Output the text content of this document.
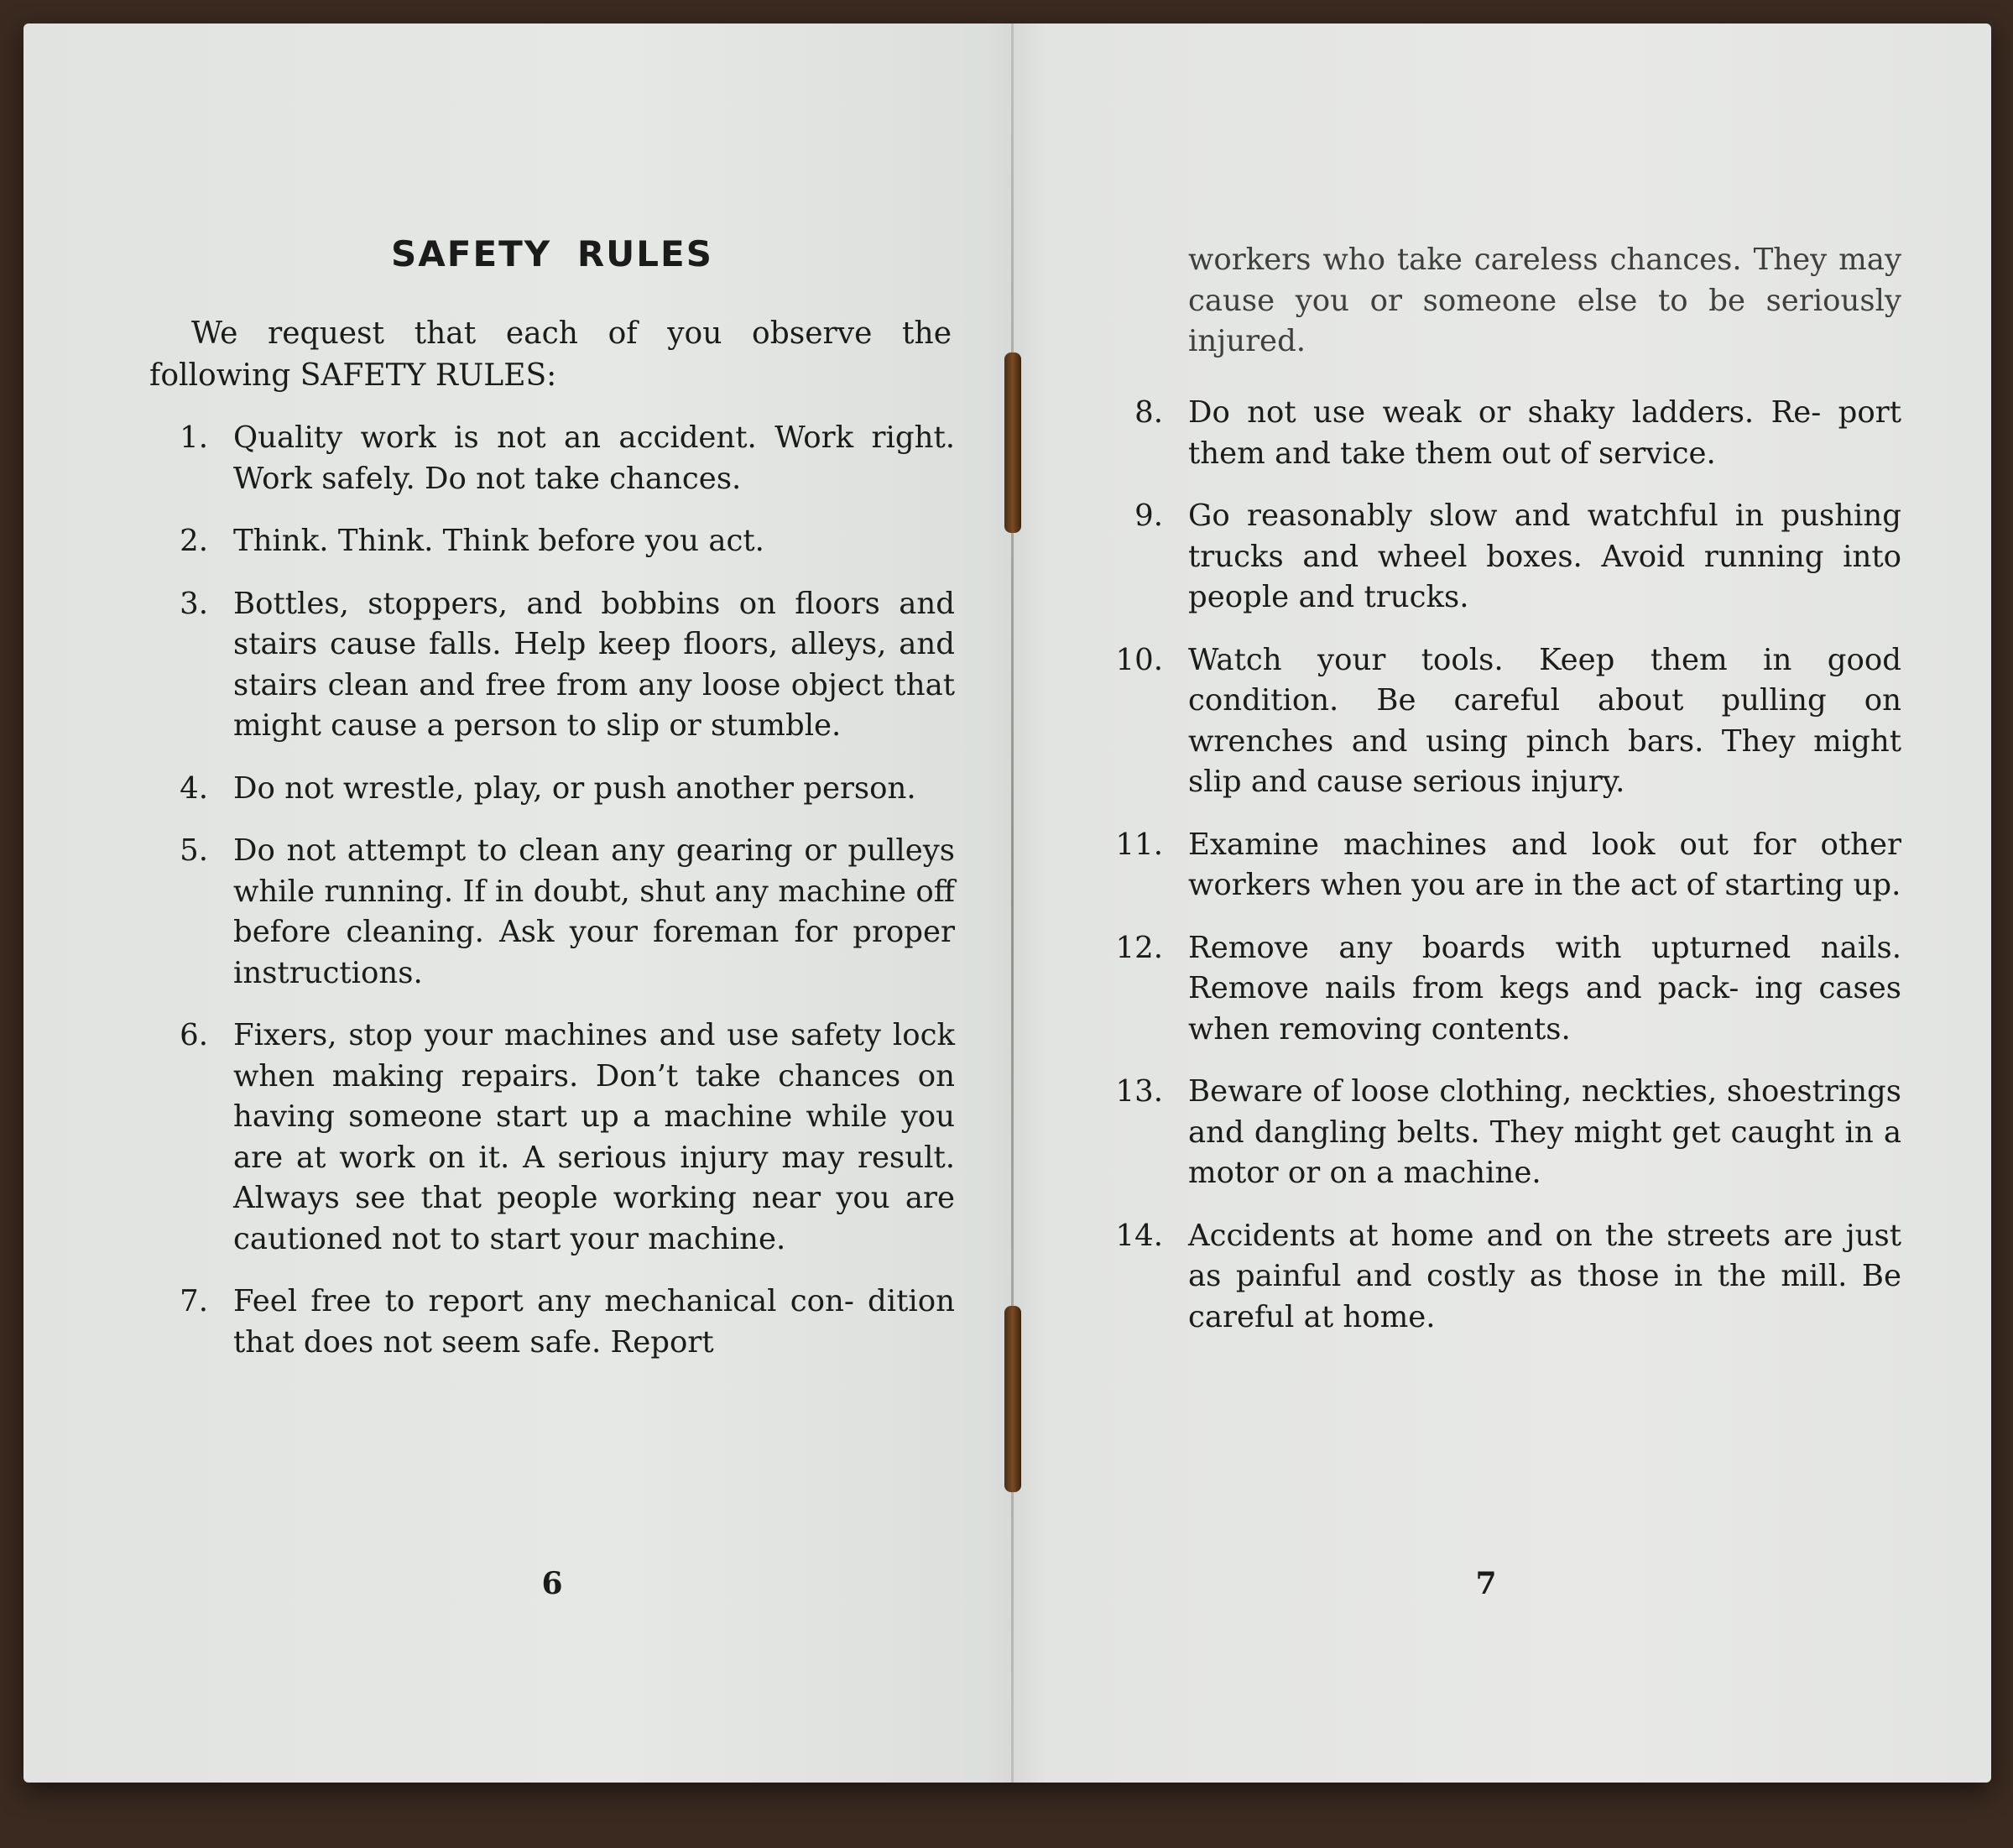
SAFETY RULES
We request that each of you observe the following SAFETY RULES:
1. Quality work is not an accident. Work right. Work safely. Do not take chances.
2. Think. Think. Think before you act.
3. Bottles, stoppers, and bobbins on floors and stairs cause falls. Help keep floors, alleys, and stairs clean and free from any loose object that might cause a person to slip or stumble.
4. Do not wrestle, play, or push another person.
5. Do not attempt to clean any gearing or pulleys while running. If in doubt, shut any machine off before cleaning. Ask your foreman for proper instructions.
6. Fixers, stop your machines and use safety lock when making repairs. Don’t take chances on having someone start up a machine while you are at work on it. A serious injury may result. Always see that people working near you are cautioned not to start your machine.
7. Feel free to report any mechanical con- dition that does not seem safe. Report
6
workers who take careless chances. They may cause you or someone else to be seriously injured.
8. Do not use weak or shaky ladders. Re- port them and take them out of service.
9. Go reasonably slow and watchful in pushing trucks and wheel boxes. Avoid running into people and trucks.
10. Watch your tools. Keep them in good condition. Be careful about pulling on wrenches and using pinch bars. They might slip and cause serious injury.
11. Examine machines and look out for other workers when you are in the act of starting up.
12. Remove any boards with upturned nails. Remove nails from kegs and pack- ing cases when removing contents.
13. Beware of loose clothing, neckties, shoestrings and dangling belts. They might get caught in a motor or on a machine.
14. Accidents at home and on the streets are just as painful and costly as those in the mill. Be careful at home.
7
